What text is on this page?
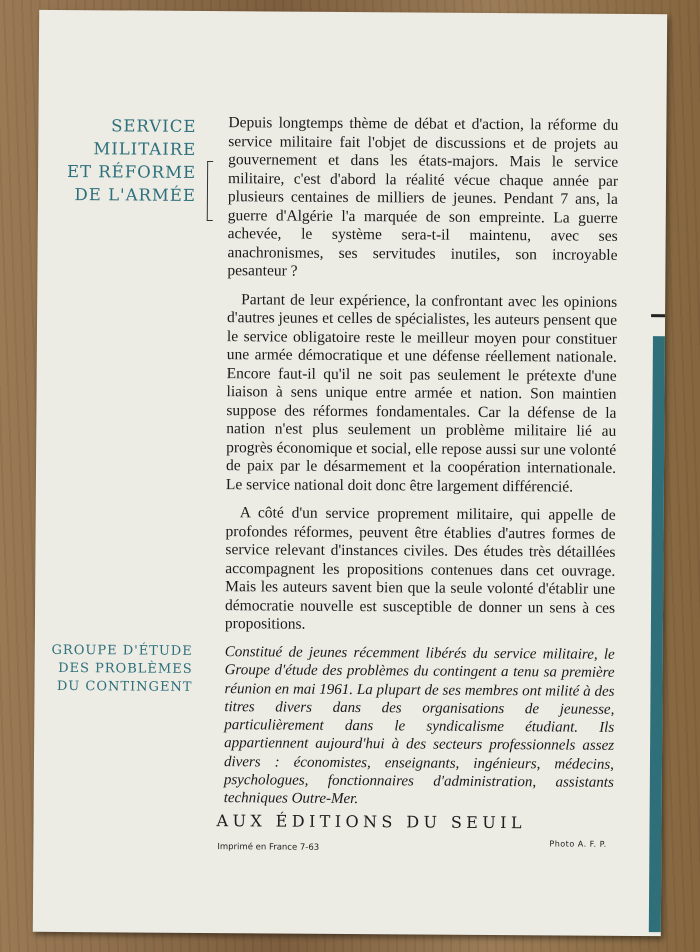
SERVICE
MILITAIRE
ET RÉFORME
DE L'ARMÉE

Depuis longtemps thème de débat et d'action, la réforme du service militaire fait l'objet de discussions et de projets au gouvernement et dans les états-majors. Mais le service militaire, c'est d'abord la réalité vécue chaque année par plusieurs centaines de milliers de jeunes. Pendant 7 ans, la guerre d'Algérie l'a marquée de son empreinte. La guerre achevée, le système sera-t-il maintenu, avec ses anachronismes, ses servitudes inutiles, son incroyable pesanteur ?

Partant de leur expérience, la confrontant avec les opinions d'autres jeunes et celles de spécialistes, les auteurs pensent que le service obligatoire reste le meilleur moyen pour constituer une armée démocratique et une défense réellement nationale. Encore faut-il qu'il ne soit pas seulement le prétexte d'une liaison à sens unique entre armée et nation. Son maintien suppose des réformes fondamentales. Car la défense de la nation n'est plus seulement un problème militaire lié au progrès économique et social, elle repose aussi sur une volonté de paix par le désarmement et la coopération internationale. Le service national doit donc être largement différencié.

A côté d'un service proprement militaire, qui appelle de profondes réformes, peuvent être établies d'autres formes de service relevant d'instances civiles. Des études très détaillées accompagnent les propositions contenues dans cet ouvrage. Mais les auteurs savent bien que la seule volonté d'établir une démocratie nouvelle est susceptible de donner un sens à ces propositions.

GROUPE D'ÉTUDE
DES PROBLÈMES
DU CONTINGENT

Constitué de jeunes récemment libérés du service militaire, le Groupe d'étude des problèmes du contingent a tenu sa première réunion en mai 1961. La plupart de ses membres ont milité à des titres divers dans des organisations de jeunesse, particulièrement dans le syndicalisme étudiant. Ils appartiennent aujourd'hui à des secteurs professionnels assez divers : économistes, enseignants, ingénieurs, médecins, psychologues, fonctionnaires d'administration, assistants techniques Outre-Mer.

AUX ÉDITIONS DU SEUIL
Imprimé en France 7-63	Photo A. F. P.
